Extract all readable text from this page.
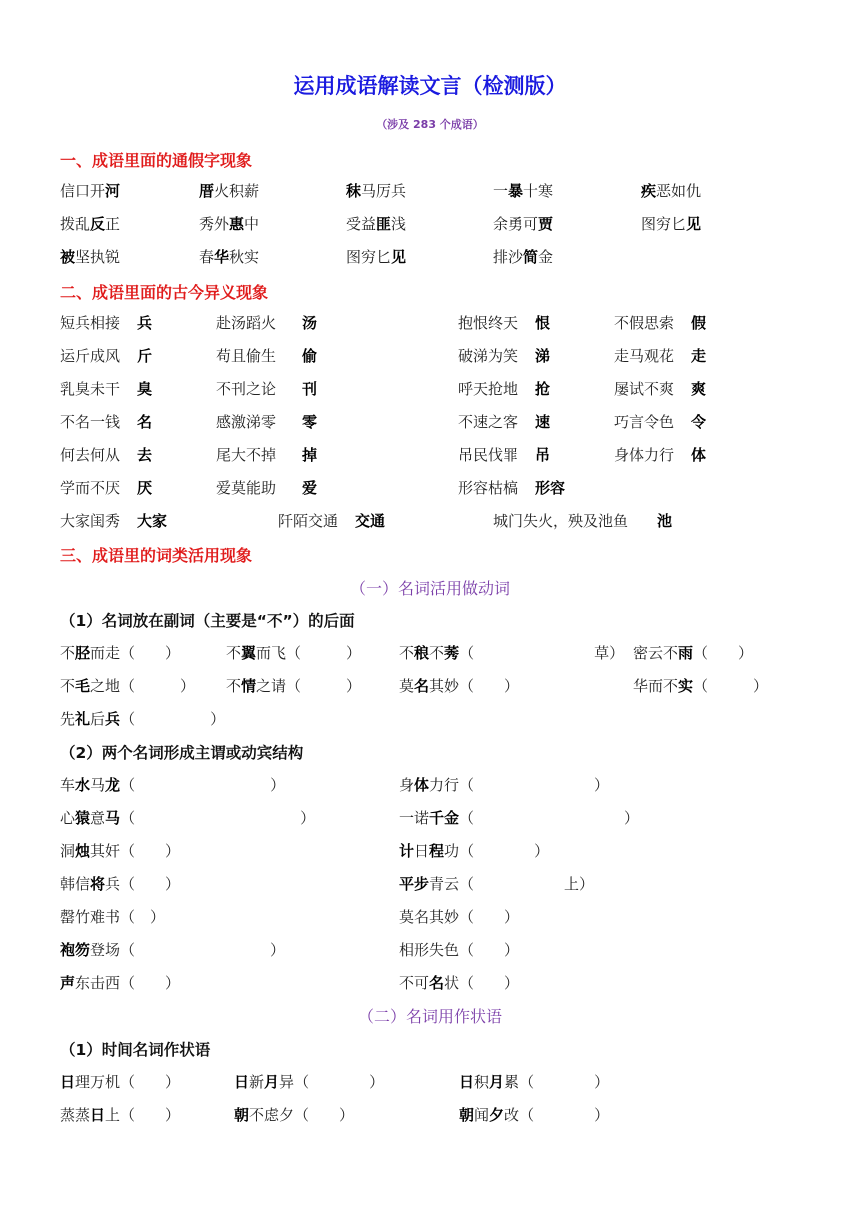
运用成语解读文言（检测版）
（涉及 283 个成语）
一、成语里面的通假字现象
信口开河	厝火积薪	秣马厉兵	一暴十寒	疾恶如仇
拨乱反正	秀外惠中	受益匪浅	余勇可贾	图穷匕见
被坚执锐	春华秋实	图穷匕见	排沙简金
二、成语里面的古今异义现象
短兵相接 兵	赴汤蹈火 汤	抱恨终天 恨	不假思索 假
运斤成风 斤	苟且偷生 偷	破涕为笑 涕	走马观花 走
乳臭未干 臭	不刊之论 刊	呼天抢地 抢	屡试不爽 爽
不名一钱 名	感激涕零 零	不速之客 速	巧言令色 令
何去何从 去	尾大不掉 掉	吊民伐罪 吊	身体力行 体
学而不厌 厌	爱莫能助 爱	形容枯槁 形容
大家闺秀 大家	阡陌交通 交通	城门失火，殃及池鱼 池
三、成语里的词类活用现象
（一）名词活用做动词
（1）名词放在副词（主要是“不”）的后面
不胫而走（　　）	不翼而飞（　　　）	不稂不莠（　　　　　　　　草） 密云不雨（　　）
不毛之地（　　　） 不情之请（　　　）	莫名其妙（　　）	华而不实（　　　）
先礼后兵（　　　　　）
（2）两个名词形成主谓或动宾结构
车水马龙（　　　　　　　　　）	身体力行（　　　　　　　　）
心猿意马（　　　　　　　　　　　）	一诺千金（　　　　　　　　　　）
洞烛其奸（　　）	计日程功（　　　　）
韩信将兵（　　）	平步青云（　　　　　　上）
罄竹难书（　）	莫名其妙（　　）
袍笏登场（　　　　　　　　　）	相形失色（　　）
声东击西（　　）	不可名状（　　）
（二）名词用作状语
（1）时间名词作状语
日理万机（　　）	日新月异（　　　　）	日积月累（　　　　）
蒸蒸日上（　　）	朝不虑夕（　　）	朝闻夕改（　　　　）
